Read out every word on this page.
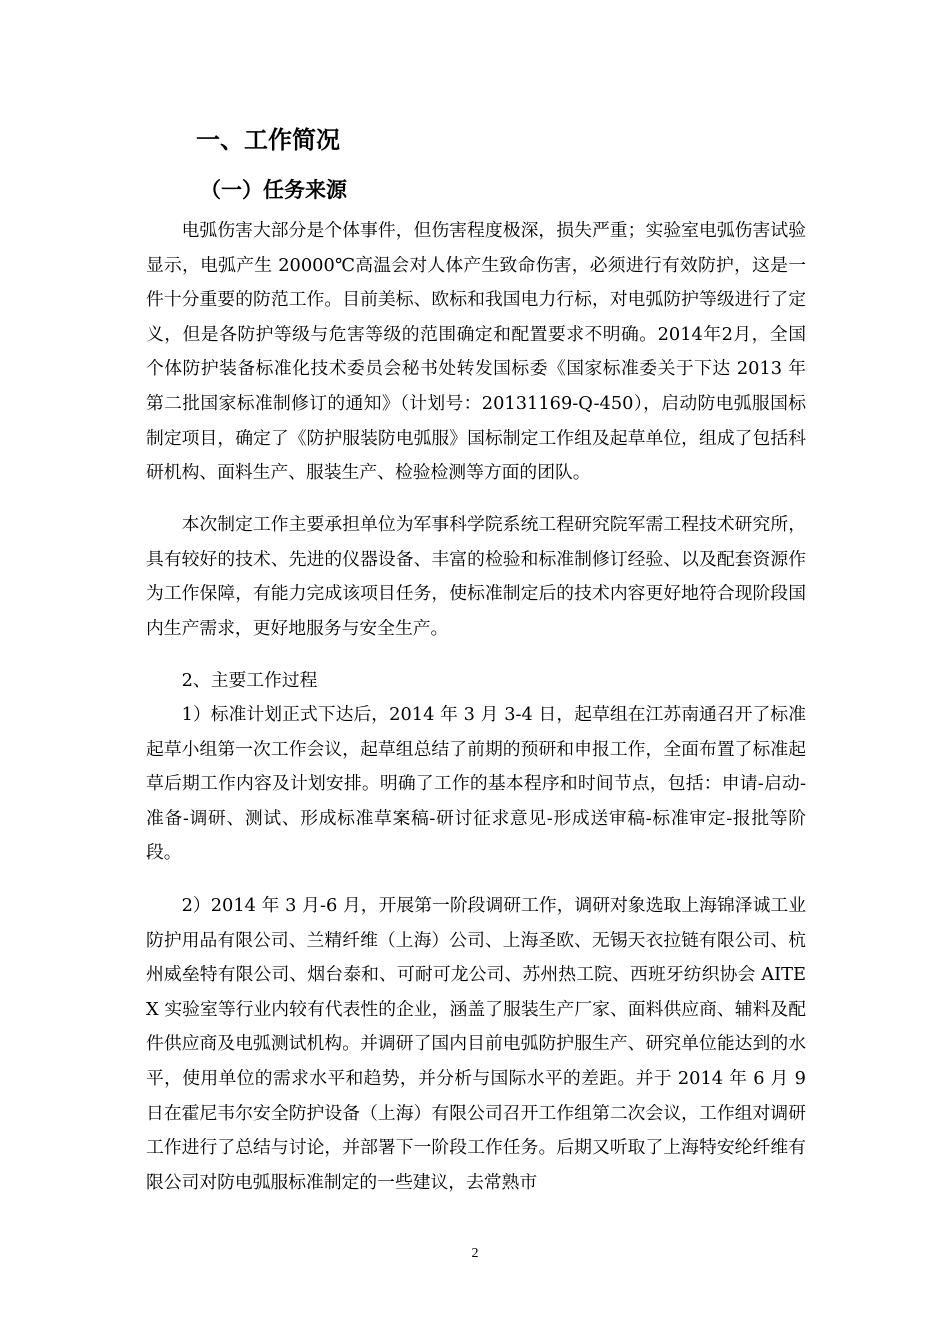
一、工作简况
（一）任务来源

电弧伤害大部分是个体事件，但伤害程度极深，损失严重；实验室电弧伤害试验显示，电弧产生 20000℃高温会对人体产生致命伤害，必须进行有效防护，这是一件十分重要的防范工作。目前美标、欧标和我国电力行标，对电弧防护等级进行了定义，但是各防护等级与危害等级的范围确定和配置要求不明确。2014年2月，全国个体防护装备标准化技术委员会秘书处转发国标委《国家标准委关于下达 2013 年第二批国家标准制修订的通知》（计划号：20131169-Q-450），启动防电弧服国标制定项目，确定了《防护服装防电弧服》国标制定工作组及起草单位，组成了包括科研机构、面料生产、服装生产、检验检测等方面的团队。

本次制定工作主要承担单位为军事科学院系统工程研究院军需工程技术研究所，具有较好的技术、先进的仪器设备、丰富的检验和标准制修订经验、以及配套资源作为工作保障，有能力完成该项目任务，使标准制定后的技术内容更好地符合现阶段国内生产需求，更好地服务与安全生产。

2、主要工作过程

1）标准计划正式下达后，2014 年 3 月 3-4 日，起草组在江苏南通召开了标准起草小组第一次工作会议，起草组总结了前期的预研和申报工作，全面布置了标准起草后期工作内容及计划安排。明确了工作的基本程序和时间节点，包括：申请-启动-准备-调研、测试、形成标准草案稿-研讨征求意见-形成送审稿-标准审定-报批等阶段。

2）2014 年 3 月-6 月，开展第一阶段调研工作，调研对象选取上海锦泽诚工业防护用品有限公司、兰精纤维（上海）公司、上海圣欧、无锡天衣拉链有限公司、杭州威垒特有限公司、烟台泰和、可耐可龙公司、苏州热工院、西班牙纺织协会 AITEX 实验室等行业内较有代表性的企业，涵盖了服装生产厂家、面料供应商、辅料及配件供应商及电弧测试机构。并调研了国内目前电弧防护服生产、研究单位能达到的水平，使用单位的需求水平和趋势，并分析与国际水平的差距。并于 2014 年 6 月 9 日在霍尼韦尔安全防护设备（上海）有限公司召开工作组第二次会议，工作组对调研工作进行了总结与讨论，并部署下一阶段工作任务。后期又听取了上海特安纶纤维有限公司对防电弧服标准制定的一些建议，去常熟市

2
